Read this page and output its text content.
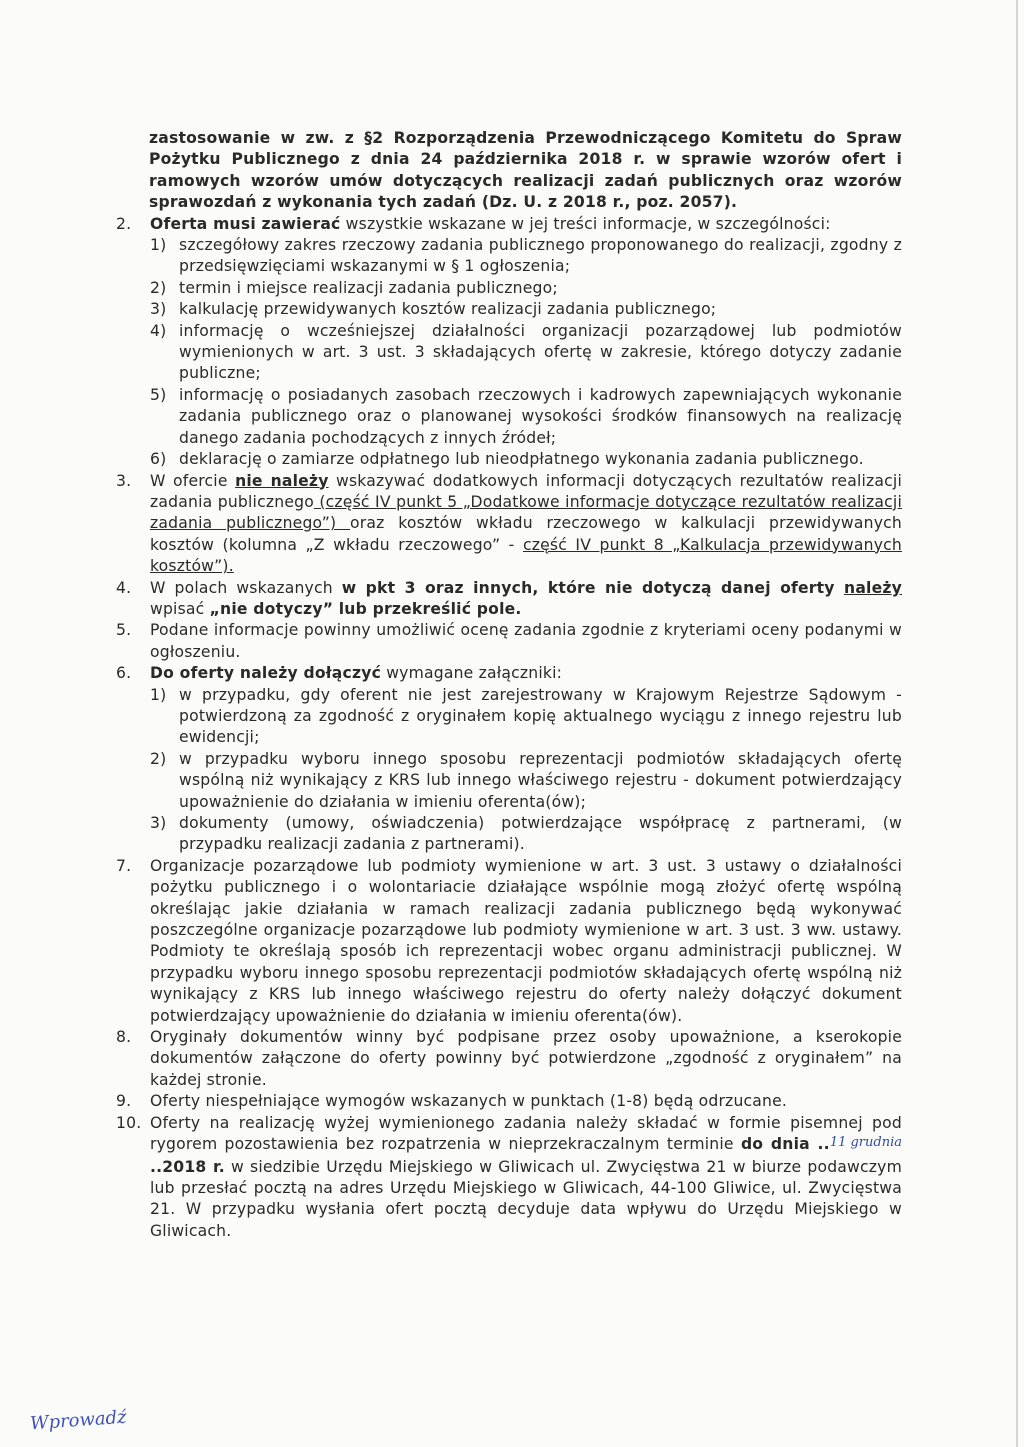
zastosowanie w zw. z §2 Rozporządzenia Przewodniczącego Komitetu do Spraw Pożytku Publicznego z dnia 24 października 2018 r. w sprawie wzorów ofert i ramowych wzorów umów dotyczących realizacji zadań publicznych oraz wzorów sprawozdań z wykonania tych zadań (Dz. U. z 2018 r., poz. 2057).
2.	Oferta musi zawierać wszystkie wskazane w jej treści informacje, w szczególności:
1) szczegółowy zakres rzeczowy zadania publicznego proponowanego do realizacji, zgodny z przedsięwzięciami wskazanymi w § 1 ogłoszenia;
2) termin i miejsce realizacji zadania publicznego;
3) kalkulację przewidywanych kosztów realizacji zadania publicznego;
4) informację o wcześniejszej działalności organizacji pozarządowej lub podmiotów wymienionych w art. 3 ust. 3 składających ofertę w zakresie, którego dotyczy zadanie publiczne;
5) informację o posiadanych zasobach rzeczowych i kadrowych zapewniających wykonanie zadania publicznego oraz o planowanej wysokości środków finansowych na realizację danego zadania pochodzących z innych źródeł;
6) deklarację o zamiarze odpłatnego lub nieodpłatnego wykonania zadania publicznego.
3.	W ofercie nie należy wskazywać dodatkowych informacji dotyczących rezultatów realizacji zadania publicznego (część IV punkt 5 „Dodatkowe informacje dotyczące rezultatów realizacji zadania publicznego”) oraz kosztów wkładu rzeczowego w kalkulacji przewidywanych kosztów (kolumna „Z wkładu rzeczowego” - część IV punkt 8 „Kalkulacja przewidywanych kosztów”).
4.	W polach wskazanych w pkt 3 oraz innych, które nie dotyczą danej oferty należy wpisać „nie dotyczy” lub przekreślić pole.
5.	Podane informacje powinny umożliwić ocenę zadania zgodnie z kryteriami oceny podanymi w ogłoszeniu.
6.	Do oferty należy dołączyć wymagane załączniki:
1) w przypadku, gdy oferent nie jest zarejestrowany w Krajowym Rejestrze Sądowym - potwierdzoną za zgodność z oryginałem kopię aktualnego wyciągu z innego rejestru lub ewidencji;
2) w przypadku wyboru innego sposobu reprezentacji podmiotów składających ofertę wspólną niż wynikający z KRS lub innego właściwego rejestru - dokument potwierdzający upoważnienie do działania w imieniu oferenta(ów);
3) dokumenty (umowy, oświadczenia) potwierdzające współpracę z partnerami, (w przypadku realizacji zadania z partnerami).
7.	Organizacje pozarządowe lub podmioty wymienione w art. 3 ust. 3 ustawy o działalności pożytku publicznego i o wolontariacie działające wspólnie mogą złożyć ofertę wspólną określając jakie działania w ramach realizacji zadania publicznego będą wykonywać poszczególne organizacje pozarządowe lub podmioty wymienione w art. 3 ust. 3 ww. ustawy. Podmioty te określają sposób ich reprezentacji wobec organu administracji publicznej. W przypadku wyboru innego sposobu reprezentacji podmiotów składających ofertę wspólną niż wynikający z KRS lub innego właściwego rejestru do oferty należy dołączyć dokument potwierdzający upoważnienie do działania w imieniu oferenta(ów).
8.	Oryginały dokumentów winny być podpisane przez osoby upoważnione, a kserokopie dokumentów załączone do oferty powinny być potwierdzone „zgodność z oryginałem” na każdej stronie.
9.	Oferty niespełniające wymogów wskazanych w punktach (1-8) będą odrzucane.
10. Oferty na realizację wyżej wymienionego zadania należy składać w formie pisemnej pod rygorem pozostawienia bez rozpatrzenia w nieprzekraczalnym terminie do dnia ..11 grudnia..2018 r. w siedzibie Urzędu Miejskiego w Gliwicach ul. Zwycięstwa 21 w biurze podawczym lub przesłać pocztą na adres Urzędu Miejskiego w Gliwicach, 44-100 Gliwice, ul. Zwycięstwa 21. W przypadku wysłania ofert pocztą decyduje data wpływu do Urzędu Miejskiego w Gliwicach.
Wprowadź
